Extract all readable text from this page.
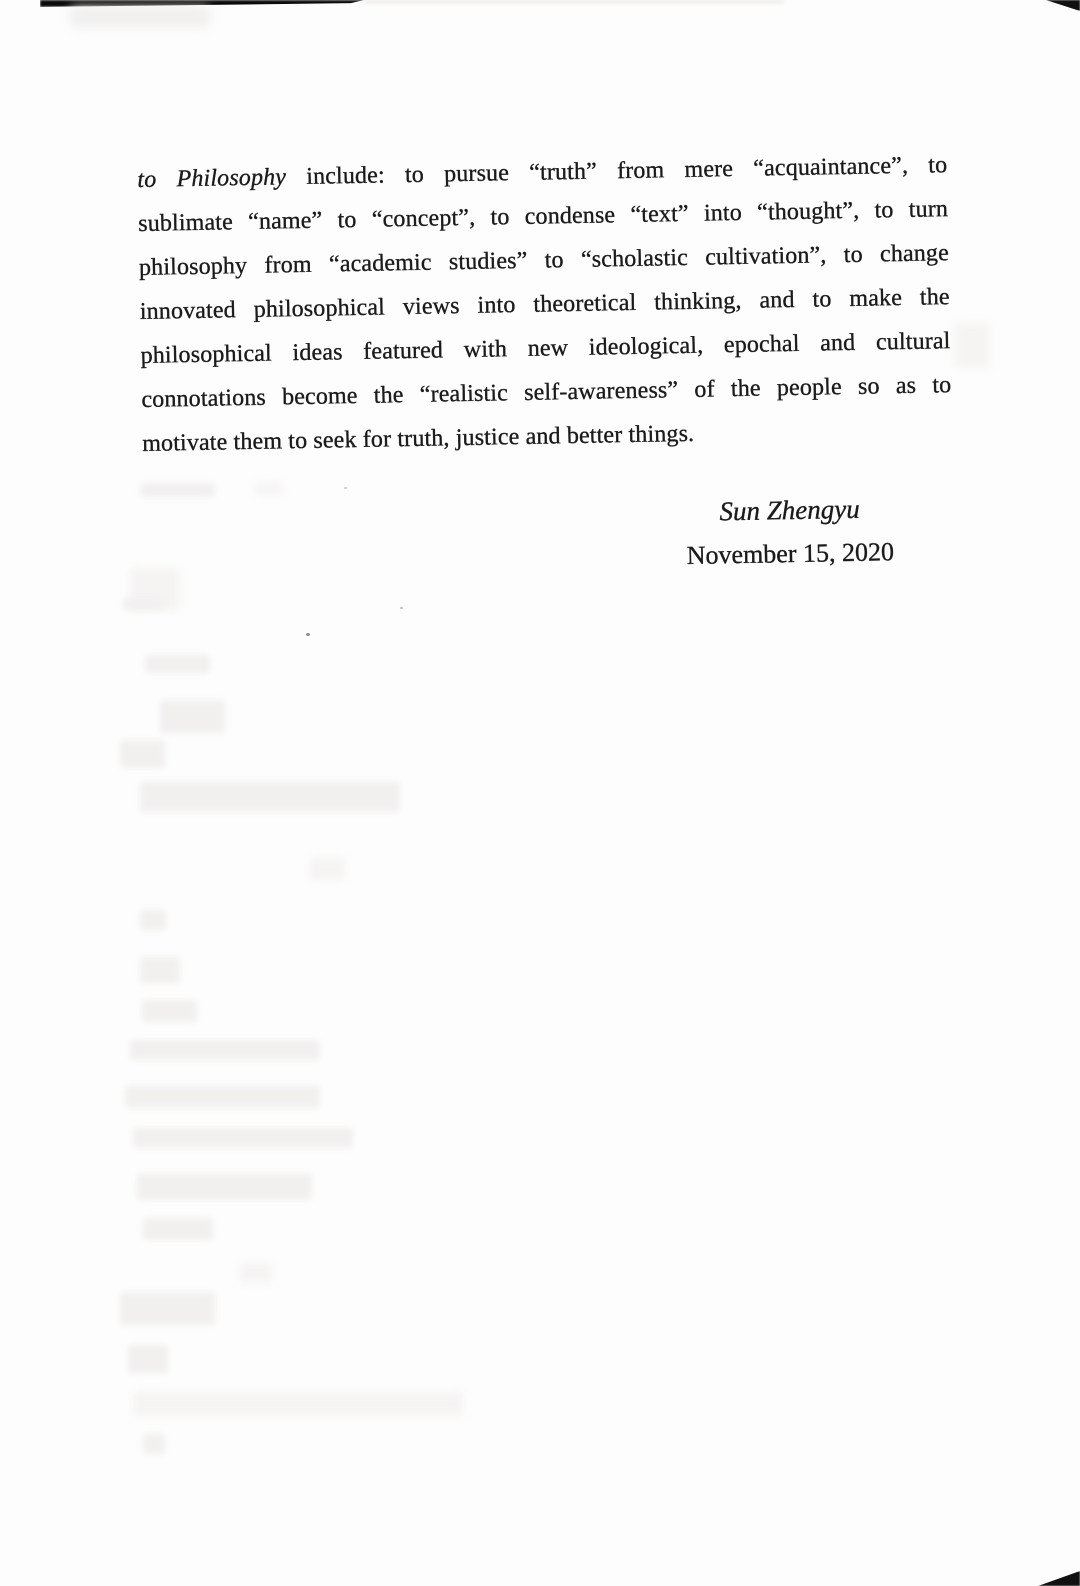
to Philosophy include: to pursue “truth” from mere “acquaintance”, to
sublimate “name” to “concept”, to condense “text” into “thought”, to turn
philosophy from “academic studies” to “scholastic cultivation”, to change
innovated philosophical views into theoretical thinking, and to make the
philosophical ideas featured with new ideological, epochal and cultural
connotations become the “realistic self-awareness” of the people so as to
motivate them to seek for truth, justice and better things.
Sun Zhengyu
November 15, 2020
